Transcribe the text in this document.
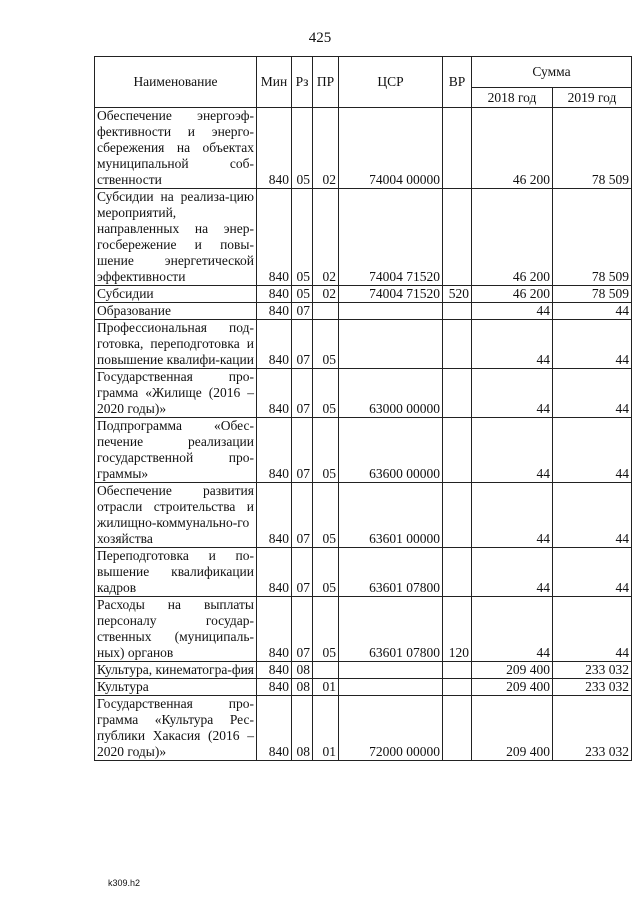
425
Наименование	Мин	Рз	ПР	ЦСР	ВР	Сумма	
						2018 год	2019 год
Обеспечение энергоэф-фективности и энерго-сбережения на объектах муниципальной соб-ственности	840	05	02	74004 00000		46 200	78 509
Субсидии на реализа-цию мероприятий, направленных на энер-госбережение и повы-шение энергетической эффективности	840	05	02	74004 71520		46 200	78 509
Субсидии	840	05	02	74004 71520	520	46 200	78 509
Образование	840	07				44	44
Профессиональная под-готовка, переподготовка и повышение квалифи-кации	840	07	05			44	44
Государственная про-грамма «Жилище (2016 – 2020 годы)»	840	07	05	63000 00000		44	44
Подпрограмма «Обес-печение реализации государственной про-граммы»	840	07	05	63600 00000		44	44
Обеспечение развития отрасли строительства и жилищно-коммунально-го хозяйства	840	07	05	63601 00000		44	44
Переподготовка и по-вышение квалификации кадров	840	07	05	63601 07800		44	44
Расходы на выплаты персоналу государ-ственных (муниципаль-ных) органов	840	07	05	63601 07800	120	44	44
Культура, кинематогра-фия	840	08				209 400	233 032
Культура	840	08	01			209 400	233 032
Государственная про-грамма «Культура Рес-публики Хакасия (2016 – 2020 годы)»	840	08	01	72000 00000		209 400	233 032
k309.h2
